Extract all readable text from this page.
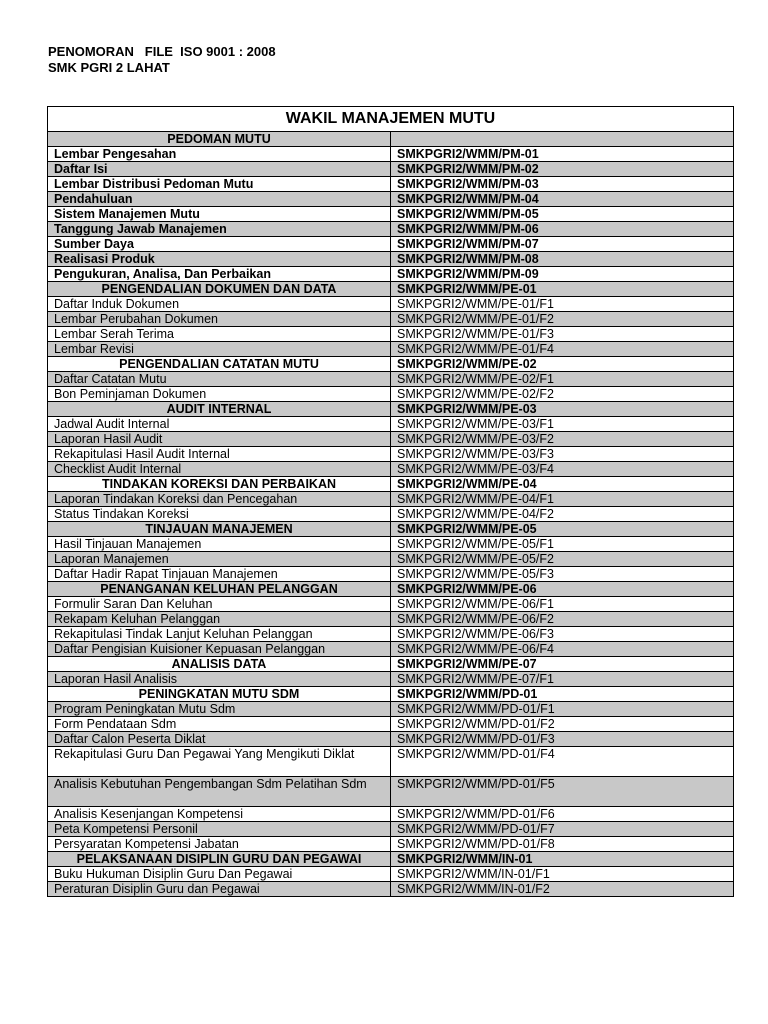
PENOMORAN   FILE  ISO 9001 : 2008
SMK PGRI 2 LAHAT
WAKIL MANAJEMEN MUTU	
PEDOMAN MUTU	
Lembar Pengesahan	SMKPGRI2/WMM/PM-01
Daftar Isi	SMKPGRI2/WMM/PM-02
Lembar Distribusi Pedoman Mutu	SMKPGRI2/WMM/PM-03
Pendahuluan	SMKPGRI2/WMM/PM-04
Sistem Manajemen Mutu	SMKPGRI2/WMM/PM-05
Tanggung Jawab Manajemen	SMKPGRI2/WMM/PM-06
Sumber Daya	SMKPGRI2/WMM/PM-07
Realisasi Produk	SMKPGRI2/WMM/PM-08
Pengukuran, Analisa, Dan Perbaikan	SMKPGRI2/WMM/PM-09
PENGENDALIAN DOKUMEN DAN DATA	SMKPGRI2/WMM/PE-01
Daftar Induk Dokumen	SMKPGRI2/WMM/PE-01/F1
Lembar Perubahan Dokumen	SMKPGRI2/WMM/PE-01/F2
Lembar Serah Terima	SMKPGRI2/WMM/PE-01/F3
Lembar Revisi	SMKPGRI2/WMM/PE-01/F4
PENGENDALIAN CATATAN MUTU	SMKPGRI2/WMM/PE-02
Daftar Catatan Mutu	SMKPGRI2/WMM/PE-02/F1
Bon Peminjaman Dokumen	SMKPGRI2/WMM/PE-02/F2
AUDIT INTERNAL	SMKPGRI2/WMM/PE-03
Jadwal Audit Internal	SMKPGRI2/WMM/PE-03/F1
Laporan Hasil Audit	SMKPGRI2/WMM/PE-03/F2
Rekapitulasi Hasil Audit Internal	SMKPGRI2/WMM/PE-03/F3
Checklist Audit Internal	SMKPGRI2/WMM/PE-03/F4
TINDAKAN KOREKSI DAN PERBAIKAN	SMKPGRI2/WMM/PE-04
Laporan Tindakan Koreksi dan Pencegahan	SMKPGRI2/WMM/PE-04/F1
Status Tindakan Koreksi	SMKPGRI2/WMM/PE-04/F2
TINJAUAN MANAJEMEN	SMKPGRI2/WMM/PE-05
Hasil Tinjauan Manajemen	SMKPGRI2/WMM/PE-05/F1
Laporan Manajemen	SMKPGRI2/WMM/PE-05/F2
Daftar Hadir Rapat Tinjauan Manajemen	SMKPGRI2/WMM/PE-05/F3
PENANGANAN KELUHAN PELANGGAN	SMKPGRI2/WMM/PE-06
Formulir Saran Dan Keluhan	SMKPGRI2/WMM/PE-06/F1
Rekapam Keluhan Pelanggan	SMKPGRI2/WMM/PE-06/F2
Rekapitulasi Tindak Lanjut Keluhan Pelanggan	SMKPGRI2/WMM/PE-06/F3
Daftar Pengisian Kuisioner Kepuasan Pelanggan	SMKPGRI2/WMM/PE-06/F4
ANALISIS DATA	SMKPGRI2/WMM/PE-07
Laporan Hasil Analisis	SMKPGRI2/WMM/PE-07/F1
PENINGKATAN MUTU SDM	SMKPGRI2/WMM/PD-01
Program Peningkatan Mutu Sdm	SMKPGRI2/WMM/PD-01/F1
Form Pendataan Sdm	SMKPGRI2/WMM/PD-01/F2
Daftar Calon Peserta Diklat	SMKPGRI2/WMM/PD-01/F3
Rekapitulasi Guru Dan Pegawai Yang Mengikuti Diklat	SMKPGRI2/WMM/PD-01/F4
Analisis Kebutuhan Pengembangan Sdm Pelatihan Sdm	SMKPGRI2/WMM/PD-01/F5
Analisis Kesenjangan Kompetensi	SMKPGRI2/WMM/PD-01/F6
Peta Kompetensi Personil	SMKPGRI2/WMM/PD-01/F7
Persyaratan Kompetensi Jabatan	SMKPGRI2/WMM/PD-01/F8
PELAKSANAAN DISIPLIN GURU DAN PEGAWAI	SMKPGRI2/WMM/IN-01
Buku Hukuman Disiplin Guru Dan Pegawai	SMKPGRI2/WMM/IN-01/F1
Peraturan Disiplin Guru dan Pegawai	SMKPGRI2/WMM/IN-01/F2
